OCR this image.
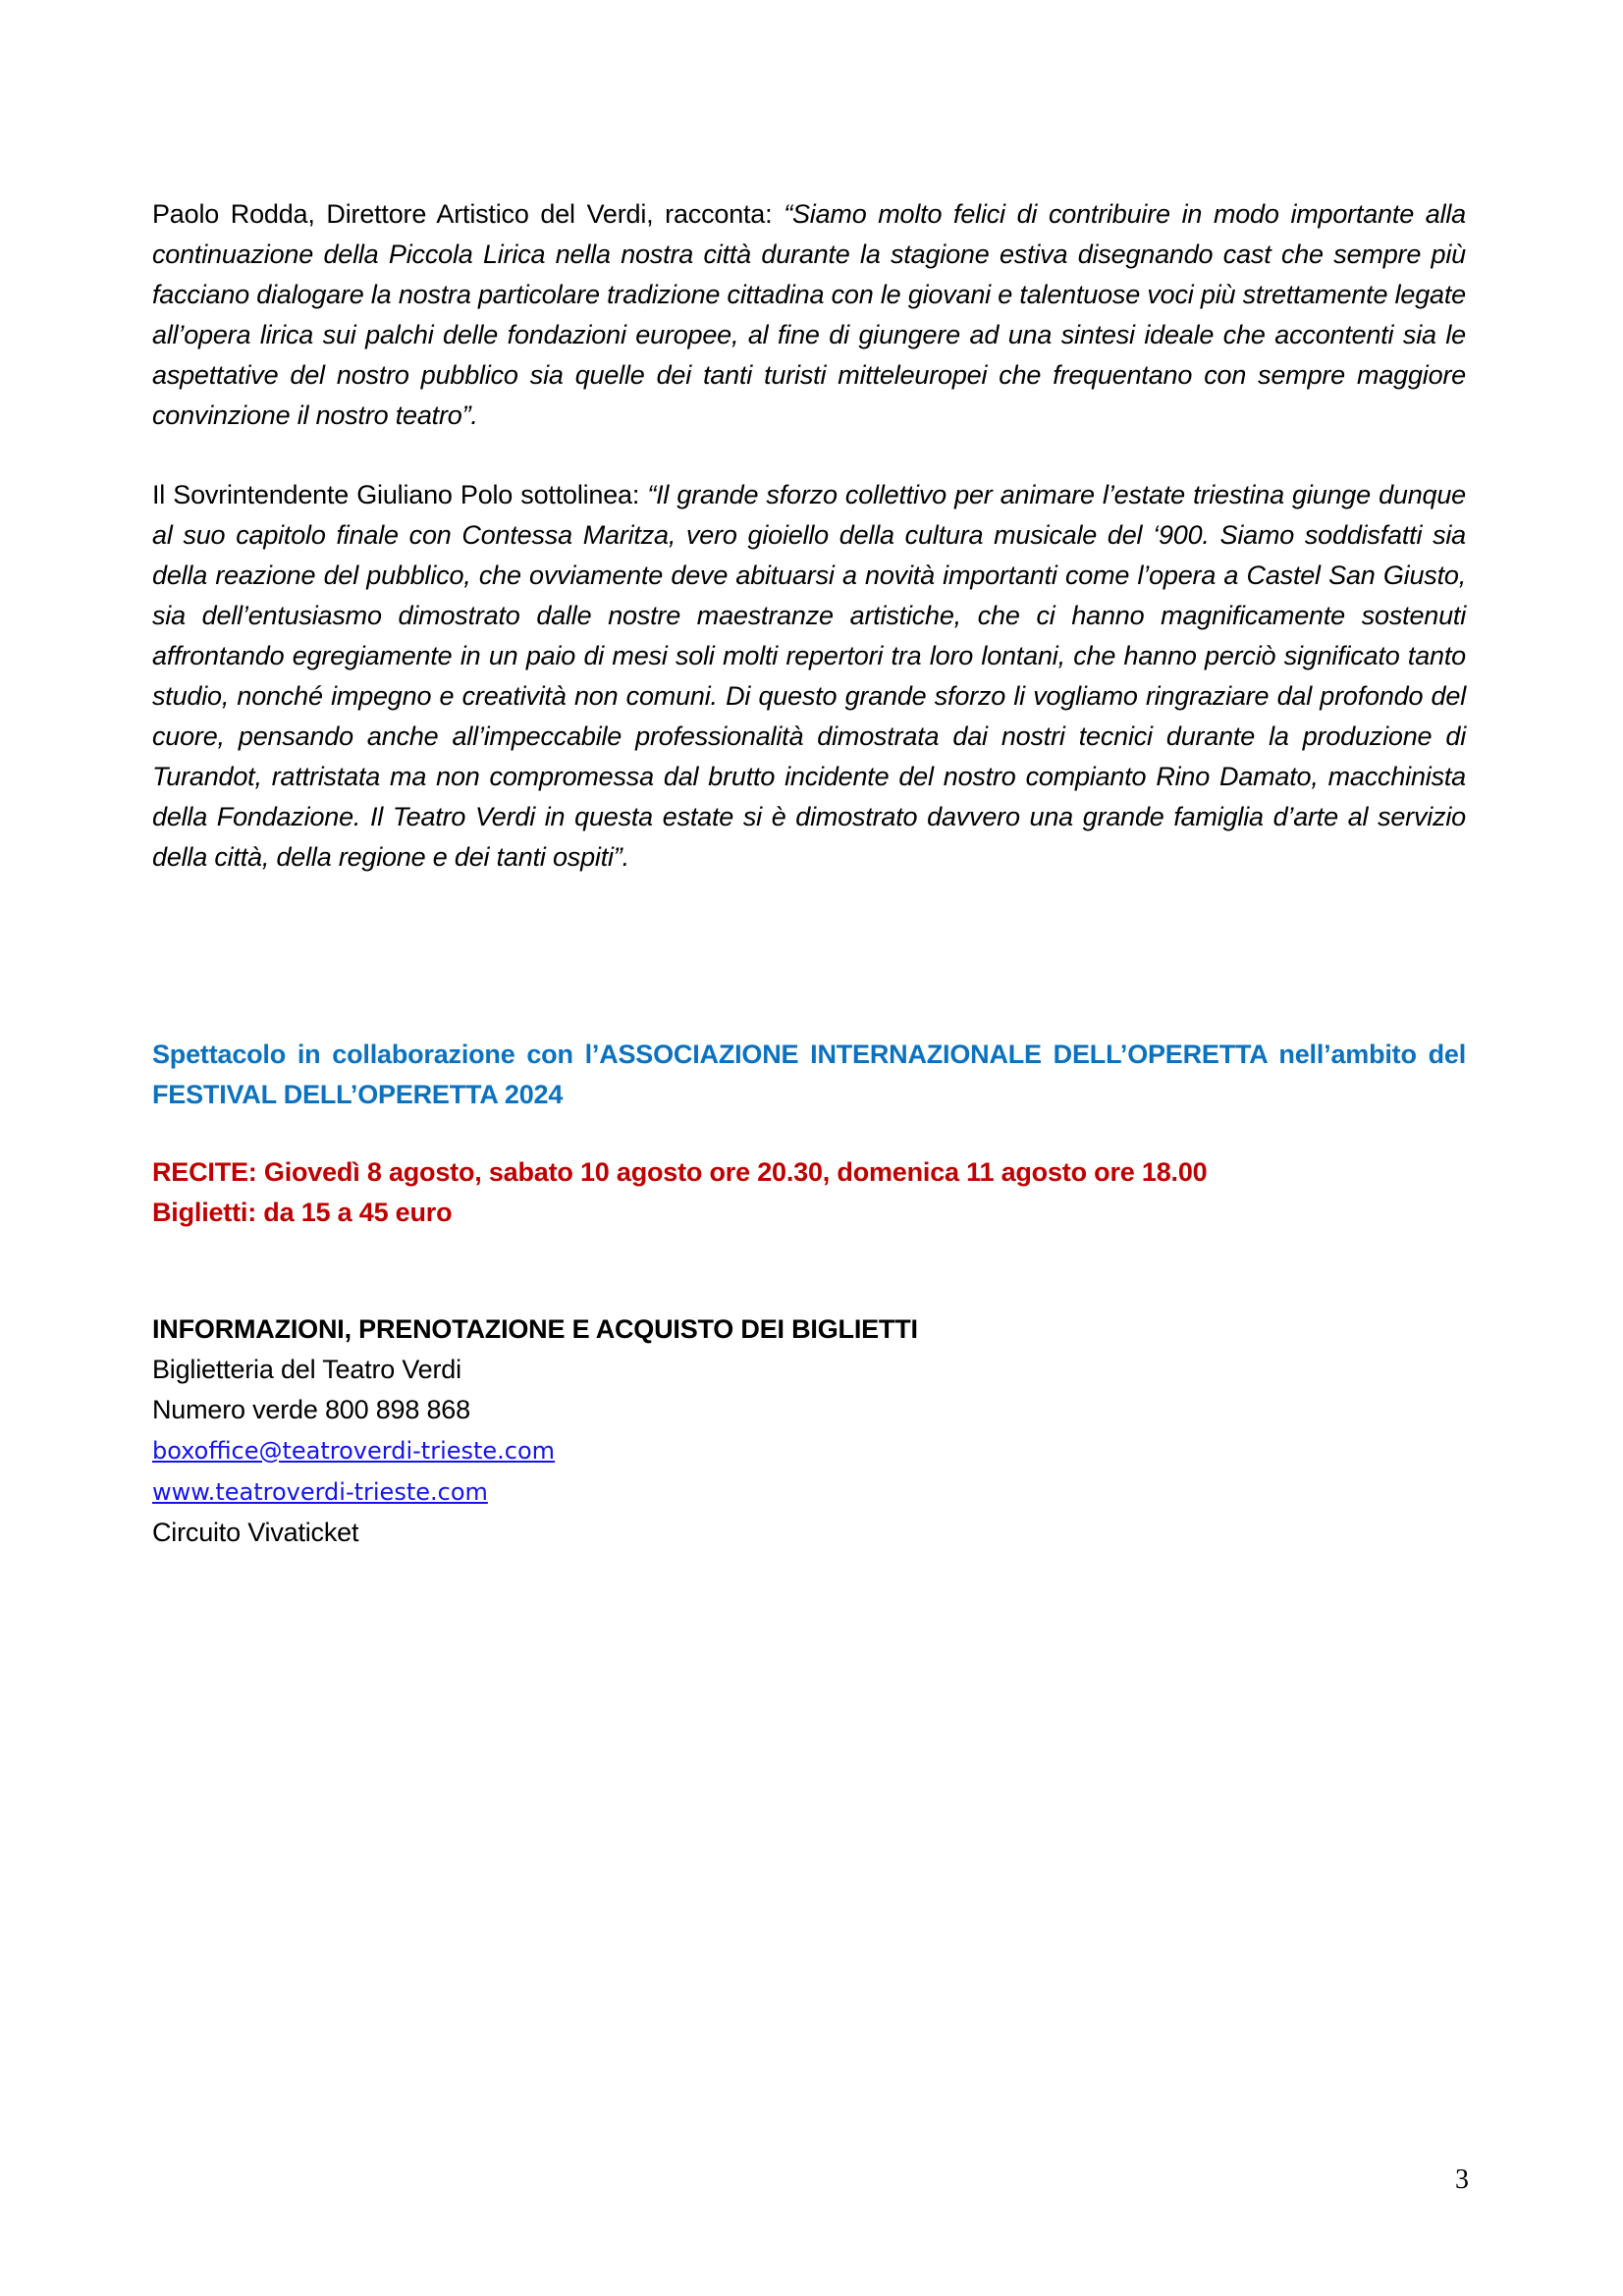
Paolo Rodda, Direttore Artistico del Verdi, racconta: “Siamo molto felici di contribuire in modo importante alla continuazione della Piccola Lirica nella nostra città durante la stagione estiva disegnando cast che sempre più facciano dialogare la nostra particolare tradizione cittadina con le giovani e talentuose voci più strettamente legate all’opera lirica sui palchi delle fondazioni europee, al fine di giungere ad una sintesi ideale che accontenti sia le aspettative del nostro pubblico sia quelle dei tanti turisti mitteleuropei che frequentano con sempre maggiore convinzione il nostro teatro”.
Il Sovrintendente Giuliano Polo sottolinea: “Il grande sforzo collettivo per animare l’estate triestina giunge dunque al suo capitolo finale con Contessa Maritza, vero gioiello della cultura musicale del ‘900. Siamo soddisfatti sia della reazione del pubblico, che ovviamente deve abituarsi a novità importanti come l’opera a Castel San Giusto, sia dell’entusiasmo dimostrato dalle nostre maestranze artistiche, che ci hanno magnificamente sostenuti affrontando egregiamente in un paio di mesi soli molti repertori tra loro lontani, che hanno perciò significato tanto studio, nonché impegno e creatività non comuni. Di questo grande sforzo li vogliamo ringraziare dal profondo del cuore, pensando anche all’impeccabile professionalità dimostrata dai nostri tecnici durante la produzione di Turandot, rattristata ma non compromessa dal brutto incidente del nostro compianto Rino Damato, macchinista della Fondazione. Il Teatro Verdi in questa estate si è dimostrato davvero una grande famiglia d’arte al servizio della città, della regione e dei tanti ospiti”.
Spettacolo in collaborazione con l’ASSOCIAZIONE INTERNAZIONALE DELL’OPERETTA nell’ambito del FESTIVAL DELL’OPERETTA 2024
RECITE: Giovedì 8 agosto, sabato 10 agosto ore 20.30, domenica 11 agosto ore 18.00
Biglietti: da 15 a 45 euro
INFORMAZIONI, PRENOTAZIONE E ACQUISTO DEI BIGLIETTI
Biglietteria del Teatro Verdi
Numero verde 800 898 868
boxoffice@teatroverdi-trieste.com
www.teatroverdi-trieste.com
Circuito Vivaticket
3
